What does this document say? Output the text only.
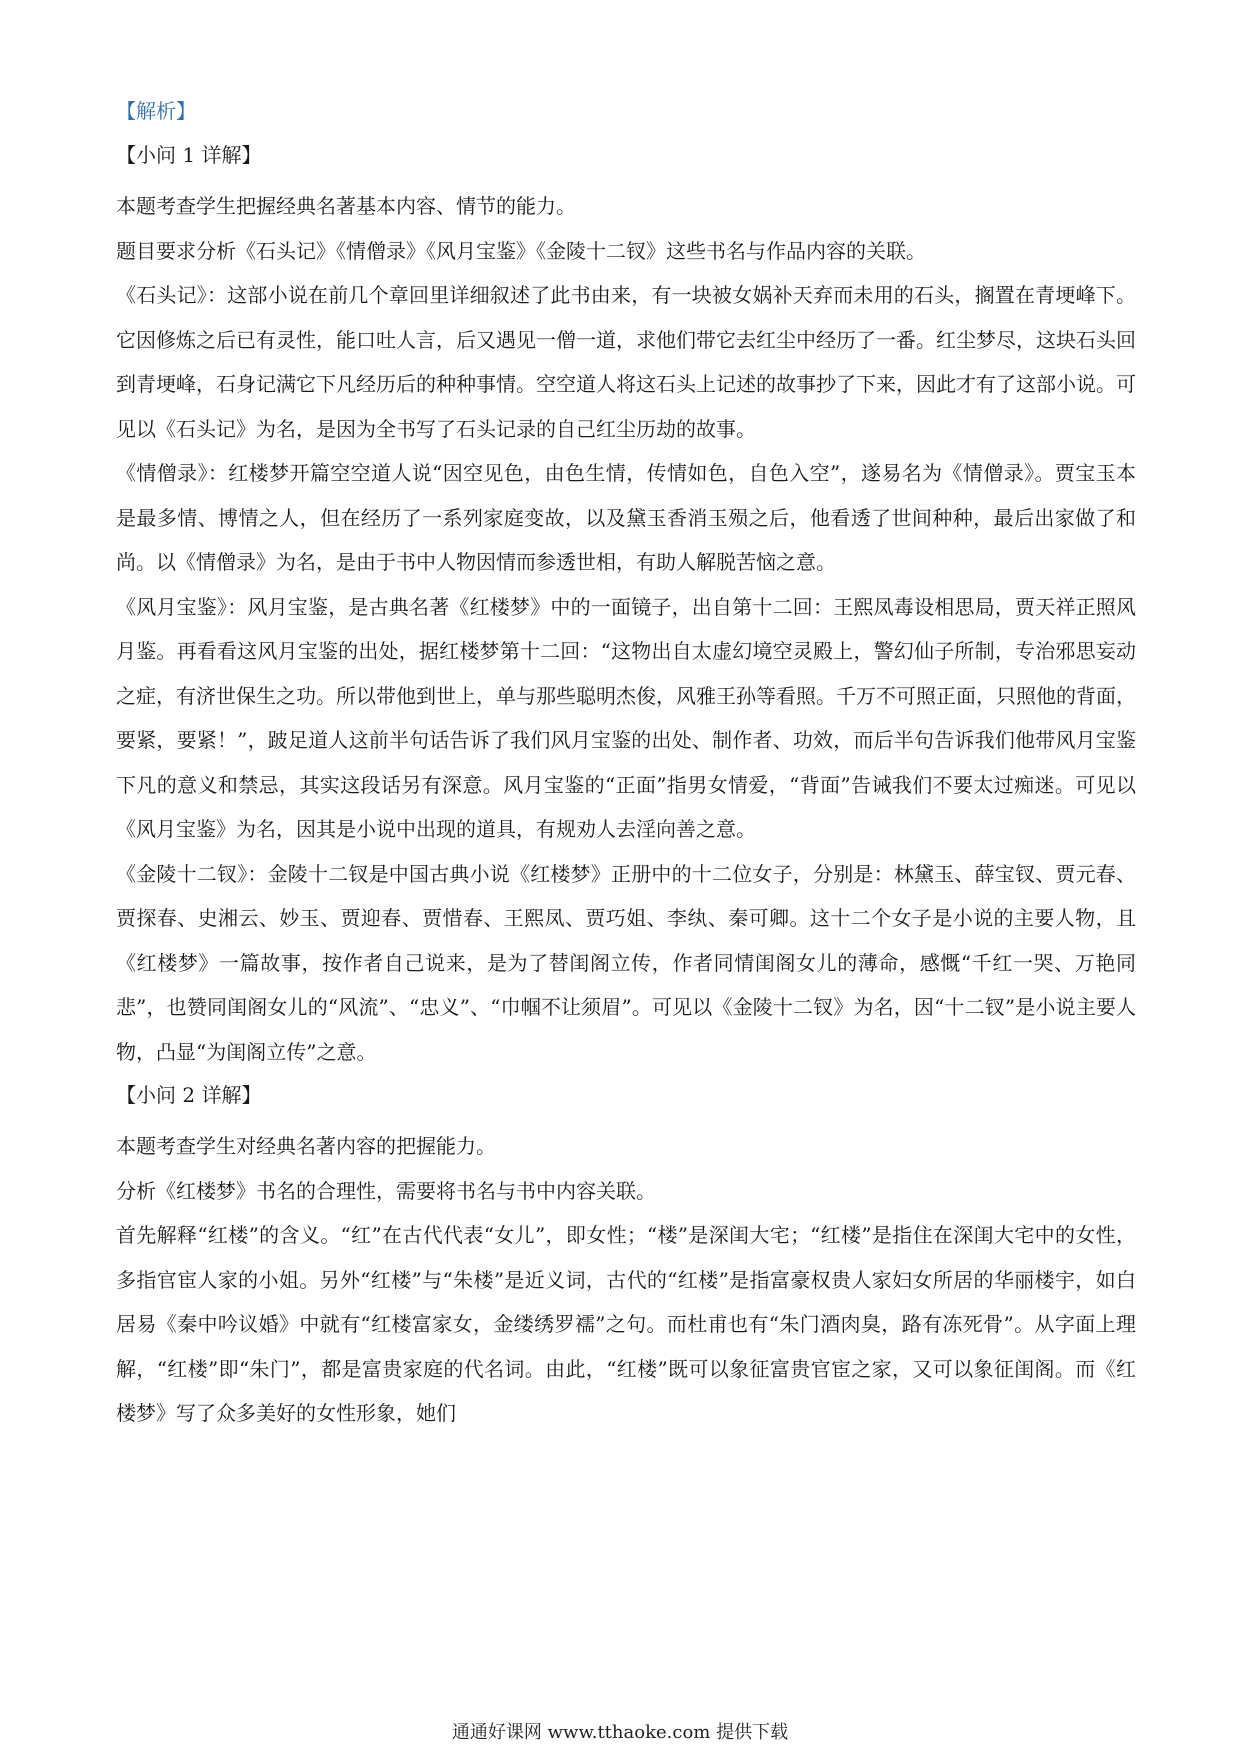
【解析】
【小问 1 详解】

本题考查学生把握经典名著基本内容、情节的能力。

题目要求分析《石头记》《情僧录》《风月宝鉴》《金陵十二钗》这些书名与作品内容的关联。

《石头记》：这部小说在前几个章回里详细叙述了此书由来，有一块被女娲补天弃而未用的石头，搁置在青埂峰下。它因修炼之后已有灵性，能口吐人言，后又遇见一僧一道，求他们带它去红尘中经历了一番。红尘梦尽，这块石头回到青埂峰，石身记满它下凡经历后的种种事情。空空道人将这石头上记述的故事抄了下来，因此才有了这部小说。可见以《石头记》为名，是因为全书写了石头记录的自己红尘历劫的故事。

《情僧录》：红楼梦开篇空空道人说“因空见色，由色生情，传情如色，自色入空”，遂易名为《情僧录》。贾宝玉本是最多情、博情之人，但在经历了一系列家庭变故，以及黛玉香消玉殒之后，他看透了世间种种，最后出家做了和尚。以《情僧录》为名，是由于书中人物因情而参透世相，有助人解脱苦恼之意。

《风月宝鉴》：风月宝鉴，是古典名著《红楼梦》中的一面镜子，出自第十二回：王熙凤毒设相思局，贾天祥正照风月鉴。再看看这风月宝鉴的出处，据红楼梦第十二回：“这物出自太虚幻境空灵殿上，警幻仙子所制，专治邪思妄动之症，有济世保生之功。所以带他到世上，单与那些聪明杰俊，风雅王孙等看照。千万不可照正面，只照他的背面，要紧，要紧！”，跛足道人这前半句话告诉了我们风月宝鉴的出处、制作者、功效，而后半句告诉我们他带风月宝鉴下凡的意义和禁忌，其实这段话另有深意。风月宝鉴的“正面”指男女情爱，“背面”告诫我们不要太过痴迷。可见以《风月宝鉴》为名，因其是小说中出现的道具，有规劝人去淫向善之意。

《金陵十二钗》：金陵十二钗是中国古典小说《红楼梦》正册中的十二位女子，分别是：林黛玉、薛宝钗、贾元春、贾探春、史湘云、妙玉、贾迎春、贾惜春、王熙凤、贾巧姐、李纨、秦可卿。这十二个女子是小说的主要人物，且《红楼梦》一篇故事，按作者自己说来，是为了替闺阁立传，作者同情闺阁女儿的薄命，感慨“千红一哭、万艳同悲”，也赞同闺阁女儿的“风流”、“忠义”、“巾帼不让须眉”。可见以《金陵十二钗》为名，因“十二钗”是小说主要人物，凸显“为闺阁立传”之意。

【小问 2 详解】

本题考查学生对经典名著内容的把握能力。

分析《红楼梦》书名的合理性，需要将书名与书中内容关联。

首先解释“红楼”的含义。“红”在古代代表“女儿”，即女性；“楼”是深闺大宅；“红楼”是指住在深闺大宅中的女性，多指官宦人家的小姐。另外“红楼”与“朱楼”是近义词，古代的“红楼”是指富豪权贵人家妇女所居的华丽楼宇，如白居易《秦中吟议婚》中就有“红楼富家女，金缕绣罗襦”之句。而杜甫也有“朱门酒肉臭，路有冻死骨”。从字面上理解，“红楼”即“朱门”，都是富贵家庭的代名词。由此，“红楼”既可以象征富贵官宦之家，又可以象征闺阁。而《红楼梦》写了众多美好的女性形象，她们

通通好课网 www.tthaoke.com 提供下载
